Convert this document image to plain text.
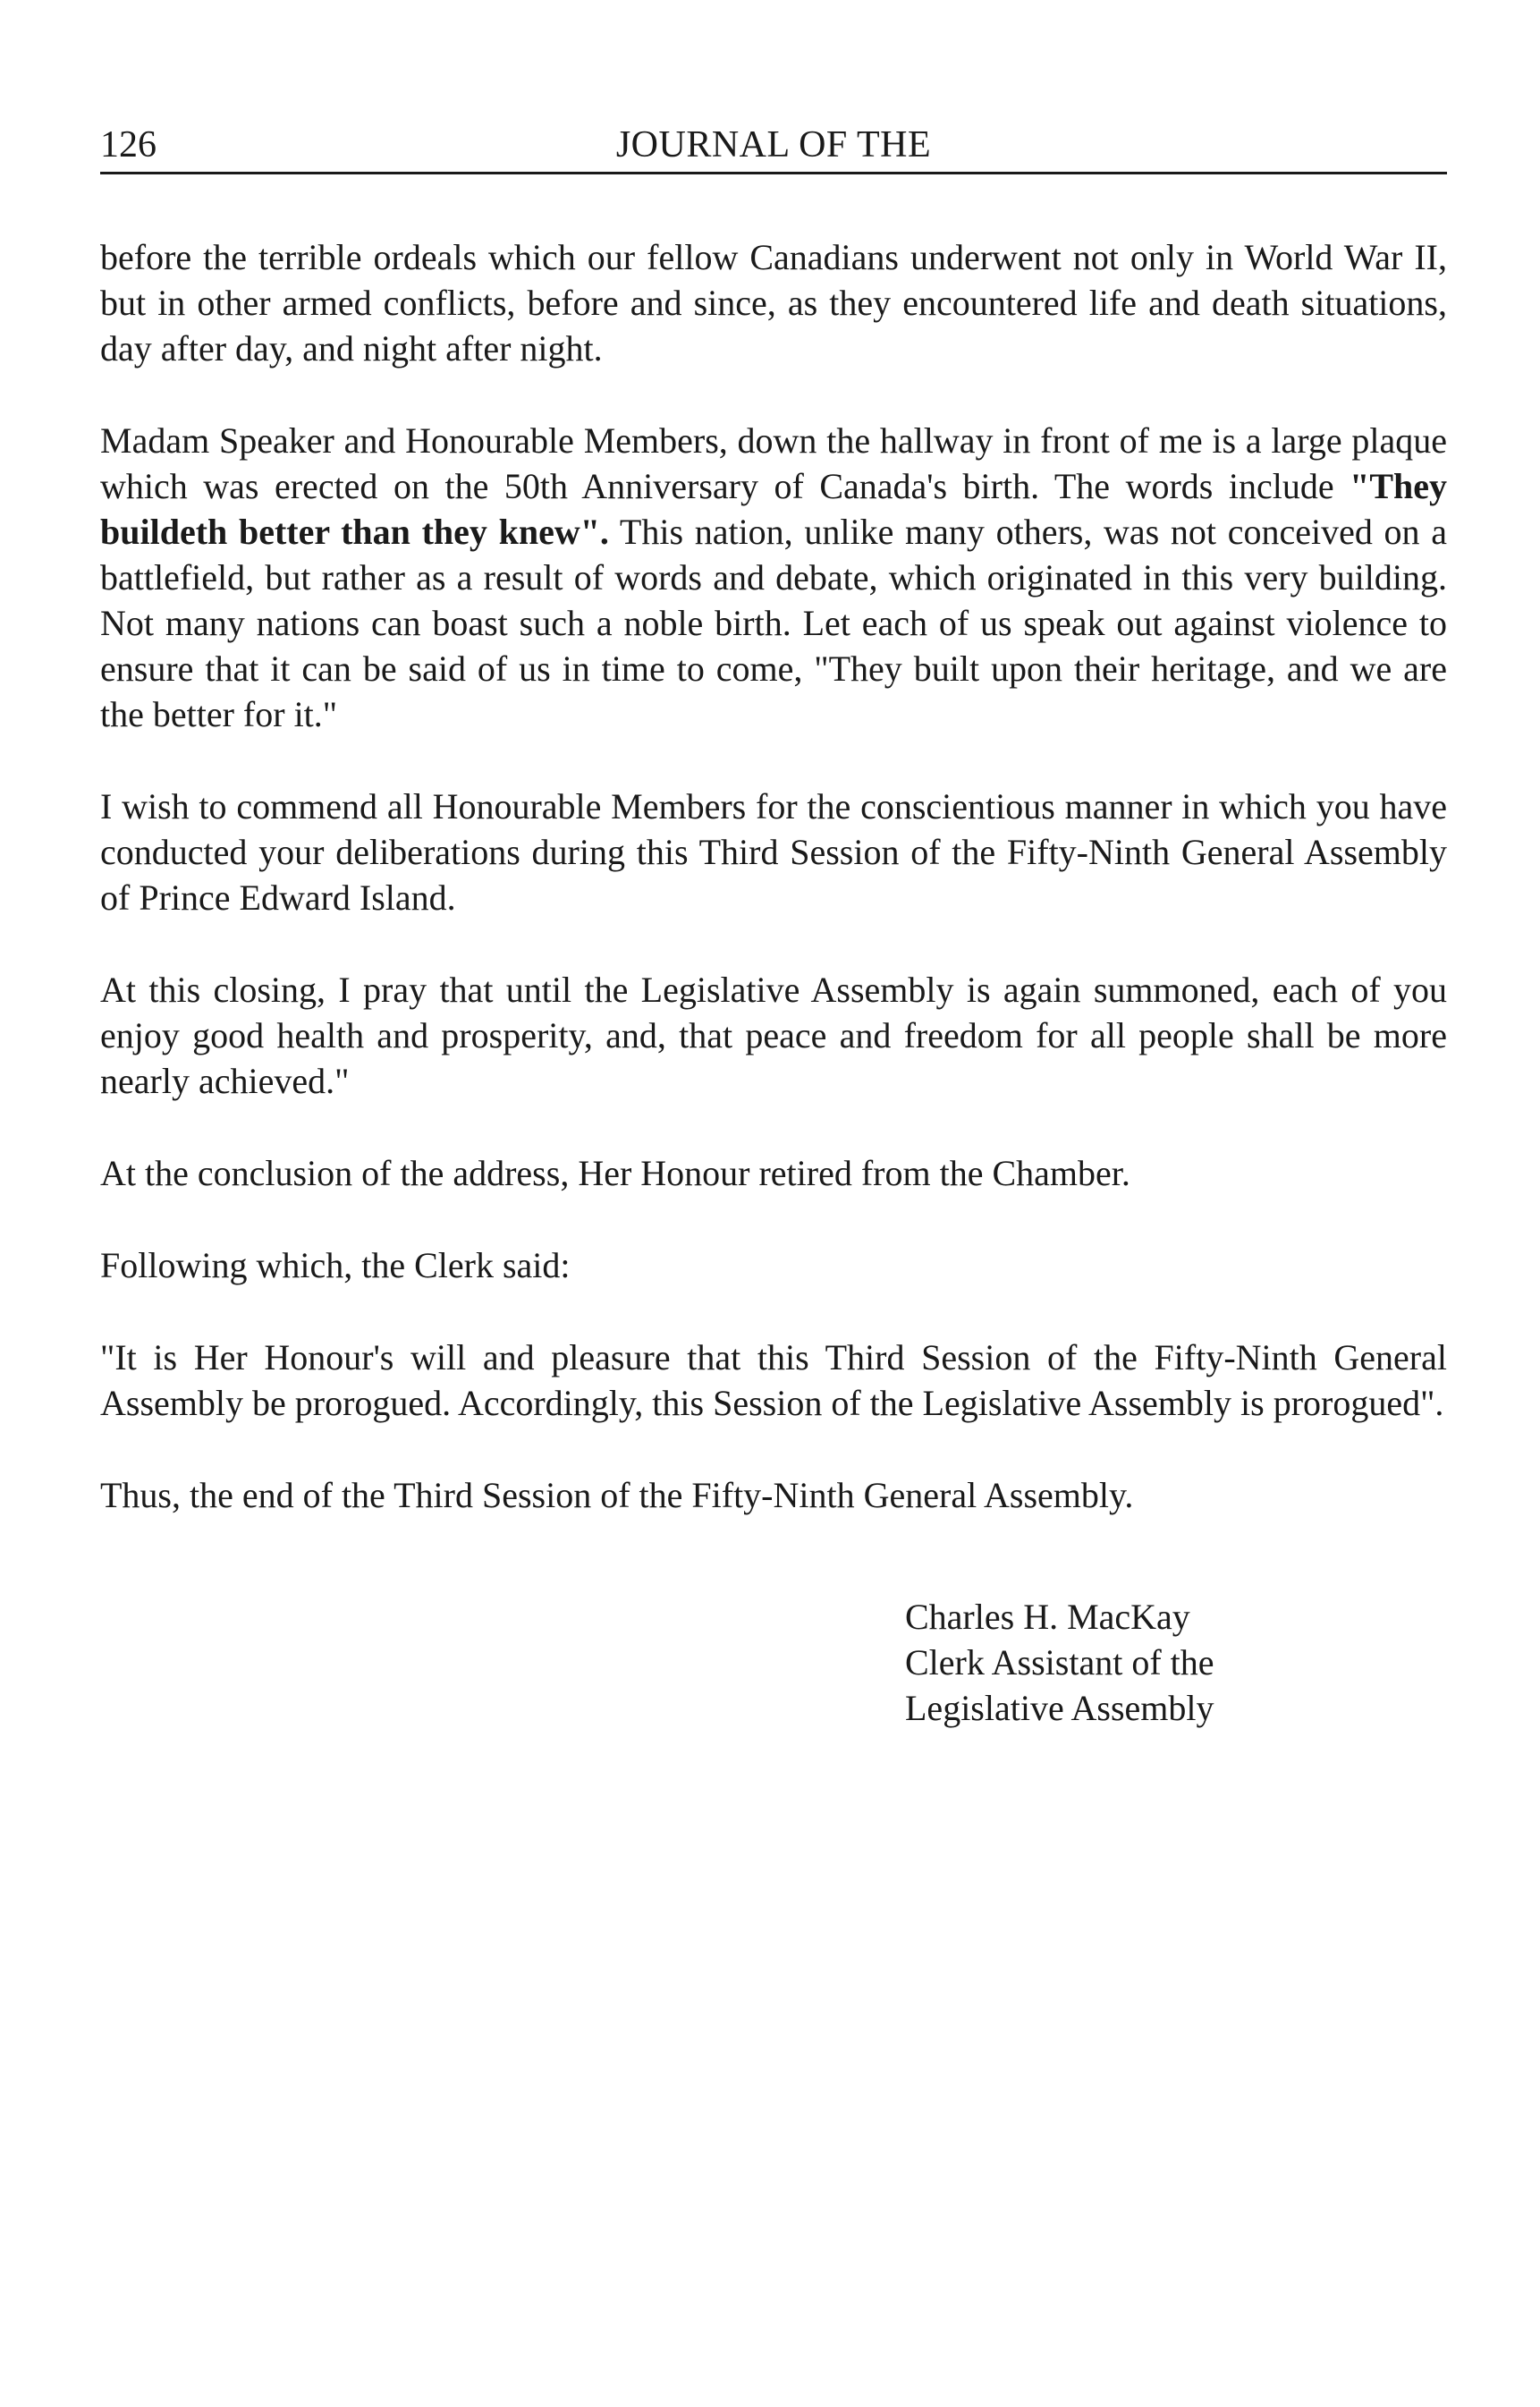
126	JOURNAL OF THE

before the terrible ordeals which our fellow Canadians underwent not only in World War II, but in other armed conflicts, before and since, as they encountered life and death situations, day after day, and night after night.

Madam Speaker and Honourable Members, down the hallway in front of me is a large plaque which was erected on the 50th Anniversary of Canada's birth. The words include "They buildeth better than they knew". This nation, unlike many others, was not conceived on a battlefield, but rather as a result of words and debate, which originated in this very building. Not many nations can boast such a noble birth. Let each of us speak out against violence to ensure that it can be said of us in time to come, "They built upon their heritage, and we are the better for it."

I wish to commend all Honourable Members for the conscientious manner in which you have conducted your deliberations during this Third Session of the Fifty-Ninth General Assembly of Prince Edward Island.

At this closing, I pray that until the Legislative Assembly is again summoned, each of you enjoy good health and prosperity, and, that peace and freedom for all people shall be more nearly achieved."

At the conclusion of the address, Her Honour retired from the Chamber.

Following which, the Clerk said:

"It is Her Honour's will and pleasure that this Third Session of the Fifty-Ninth General Assembly be prorogued. Accordingly, this Session of the Legislative Assembly is prorogued".

Thus, the end of the Third Session of the Fifty-Ninth General Assembly.

Charles H. MacKay
Clerk Assistant of the
Legislative Assembly
